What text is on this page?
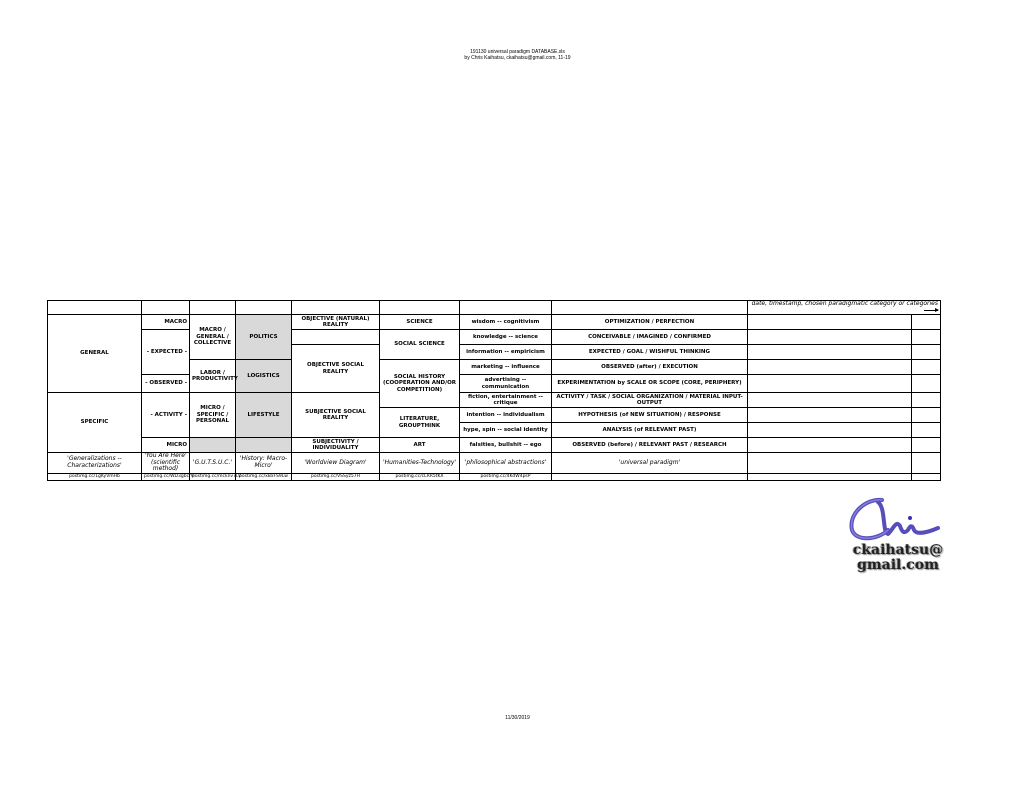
191130 universal paradigm DATABASE.xls
by Chris Kaihatsu, ckaihatsu@gmail.com, 11-19
								date, timestamp, chosen paradigmatic category or categories	
GENERAL	MACRO	MACRO / GENERAL / COLLECTIVE	POLITICS	OBJECTIVE (NATURAL) REALITY	SCIENCE	wisdom -- cognitivism	OPTIMIZATION / PERFECTION		
	- EXPECTED -				SOCIAL SCIENCE	knowledge -- science	CONCEIVABLE / IMAGINED / CONFIRMED		
				OBJECTIVE SOCIAL REALITY		information -- empiricism	EXPECTED / GOAL / WISHFUL THINKING		
		LABOR / PRODUCTIVITY	LOGISTICS		SOCIAL HISTORY (COOPERATION AND/OR COMPETITION)	marketing -- influence	OBSERVED (after) / EXECUTION		
	- OBSERVED -					advertising -- communication	EXPERIMENTATION by SCALE OR SCOPE (CORE, PERIPHERY)		
SPECIFIC	- ACTIVITY -	MICRO / SPECIFIC / PERSONAL	LIFESTYLE	SUBJECTIVE SOCIAL REALITY		fiction, entertainment -- critique	ACTIVITY / TASK / SOCIAL ORGANIZATION / MATERIAL INPUT-OUTPUT		
					LITERATURE, GROUPTHINK	intention -- individualism	HYPOTHESIS (of NEW SITUATION) / RESPONSE		
						hype, spin -- social identity	ANALYSIS (of RELEVANT PAST)		
	MICRO			SUBJECTIVITY / INDIVIDUALITY	ART	falsities, bullshit -- ego	OBSERVED (before) / RELEVANT PAST / RESEARCH		
'Generalizations -- Characterizations'	'You Are Here' (scientific method)	'G.U.T.S.U.C.'	'History: Macro-Micro'	'Worldview Diagram'	'Humanities-Technology'	'philosophical abstractions'	'universal paradigm'		
postimg.cc/1gKyVmHb	postimg.cc/WD3gbcr9	postimg.cc/mcknv7LV	postimg.cc/xBxFS9Lw	postimg.cc/VSSyz57H	postimg.cc/cLRR5tKX	postimg.cc/4KdW4psP			
ckaihatsu@ gmail.com
11/30/2019
